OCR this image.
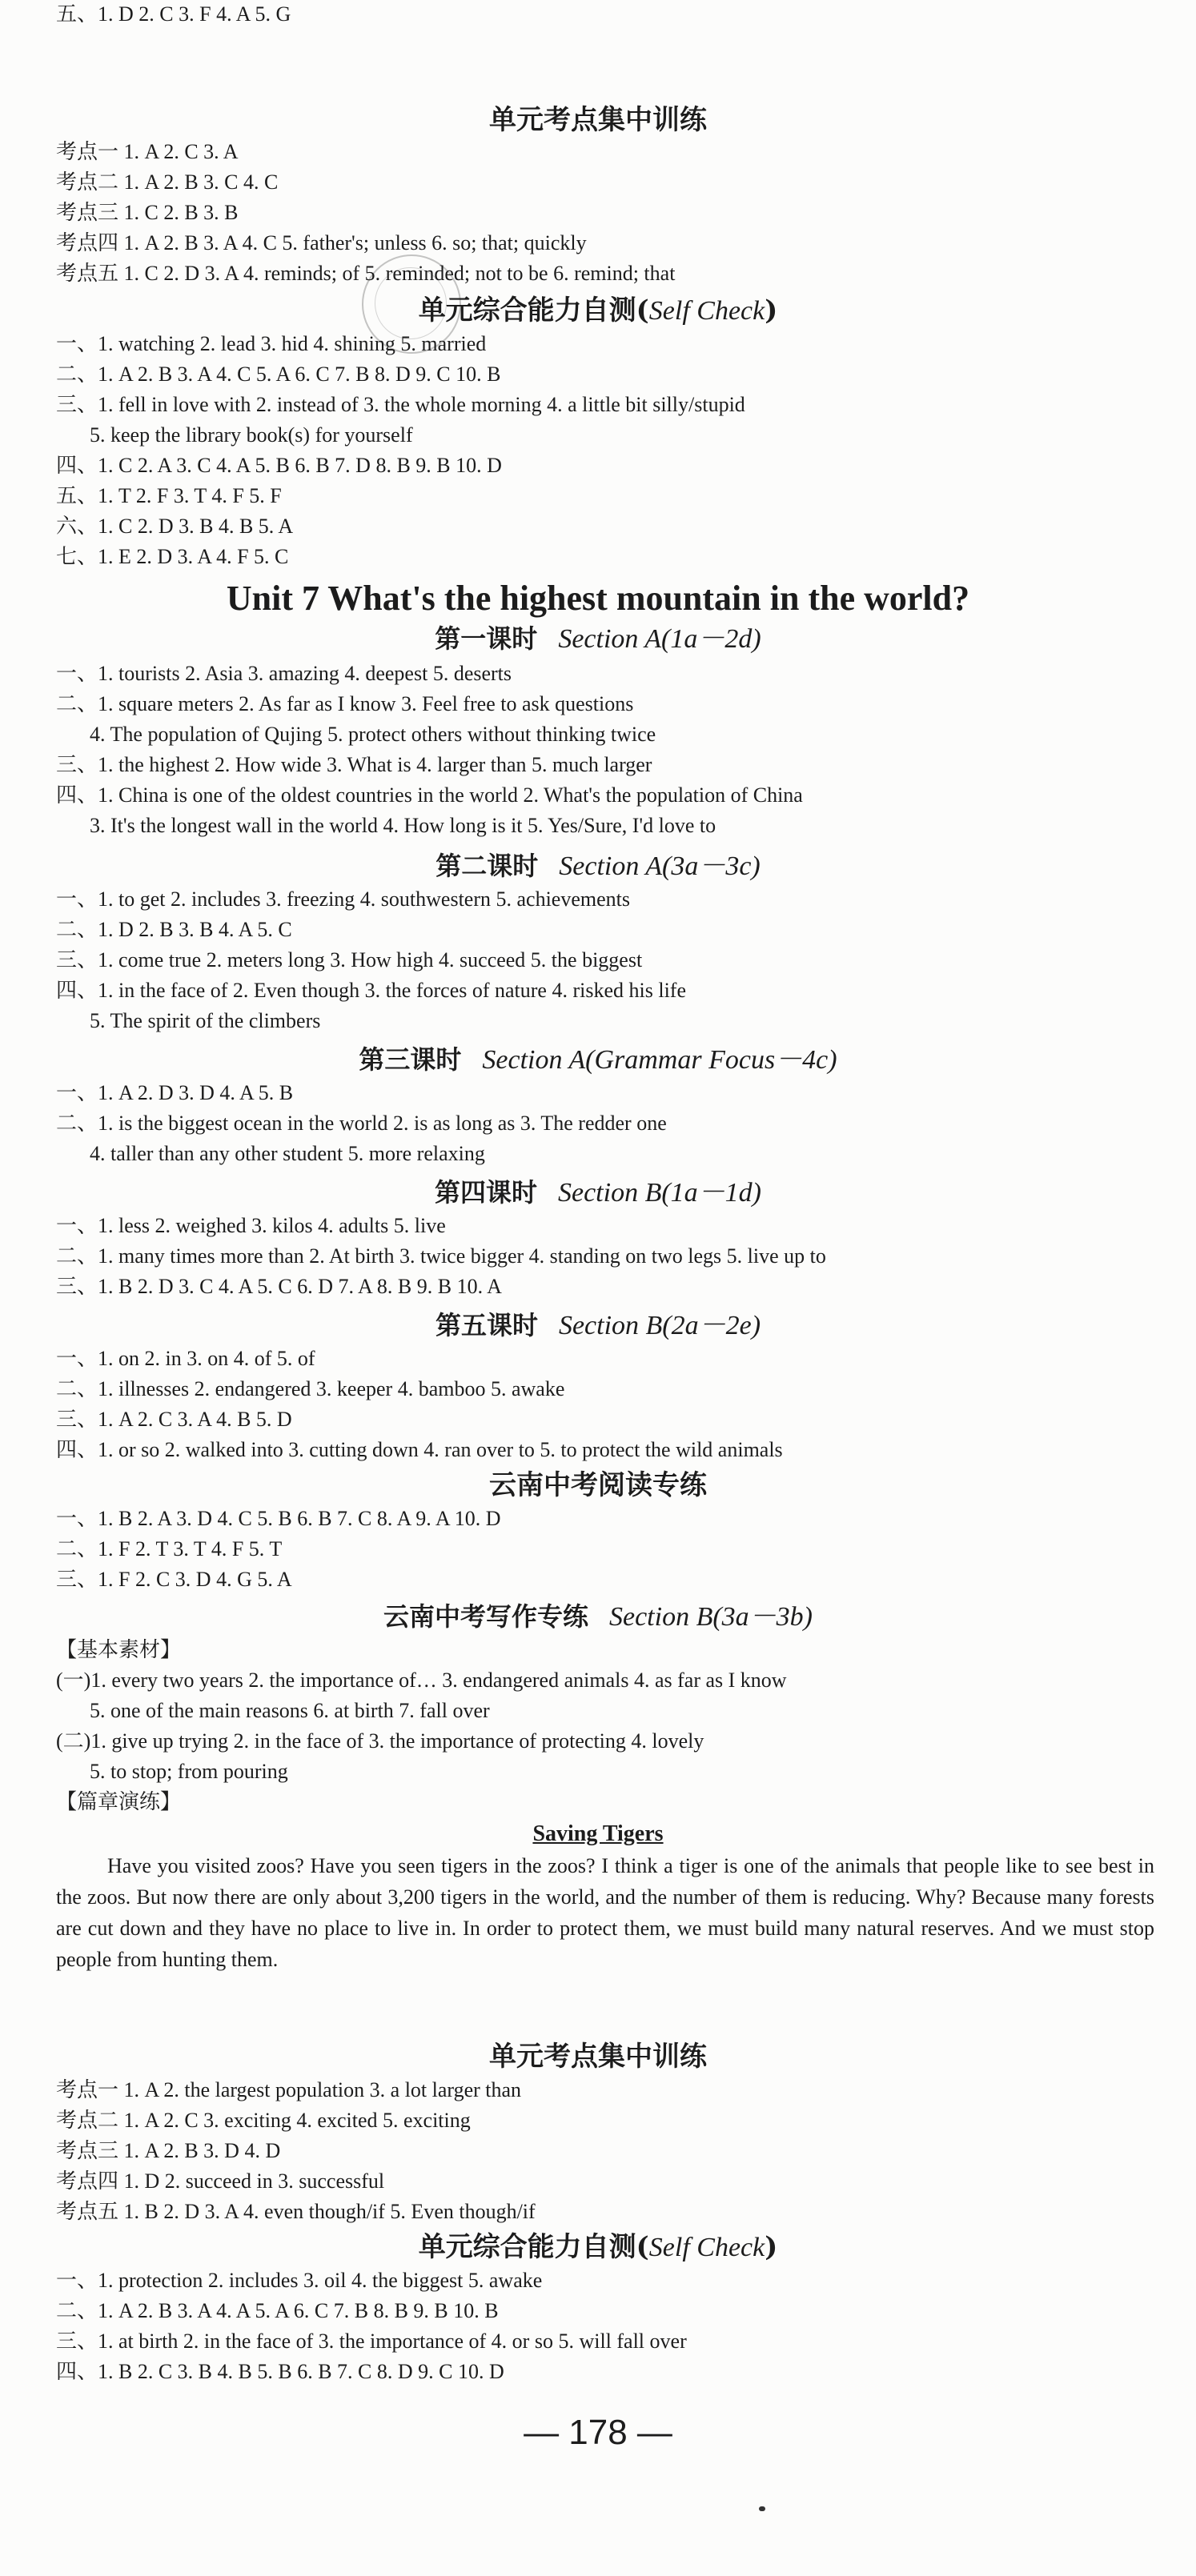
单元考点集中训练
考点一 1. A 2. C 3. A
考点二 1. A 2. B 3. C 4. C
考点三 1. C 2. B 3. B
考点四 1. A 2. B 3. A 4. C 5. father's; unless 6. so; that; quickly
考点五 1. C 2. D 3. A 4. reminds; of 5. reminded; not to be 6. remind; that
单元综合能力自测(Self Check)
一、1. watching 2. lead 3. hid 4. shining 5. married
二、1. A 2. B 3. A 4. C 5. A 6. C 7. B 8. D 9. C 10. B
三、1. fell in love with 2. instead of 3. the whole morning 4. a little bit silly/stupid
5. keep the library book(s) for yourself
四、1. C 2. A 3. C 4. A 5. B 6. B 7. D 8. B 9. B 10. D
五、1. T 2. F 3. T 4. F 5. F
六、1. C 2. D 3. B 4. B 5. A
七、1. E 2. D 3. A 4. F 5. C
Unit 7 What's the highest mountain in the world?
第一课时 Section A(1a－2d)
一、1. tourists 2. Asia 3. amazing 4. deepest 5. deserts
二、1. square meters 2. As far as I know 3. Feel free to ask questions
4. The population of Qujing 5. protect others without thinking twice
三、1. the highest 2. How wide 3. What is 4. larger than 5. much larger
四、1. China is one of the oldest countries in the world 2. What's the population of China
3. It's the longest wall in the world 4. How long is it 5. Yes/Sure, I'd love to
第二课时 Section A(3a－3c)
一、1. to get 2. includes 3. freezing 4. southwestern 5. achievements
二、1. D 2. B 3. B 4. A 5. C
三、1. come true 2. meters long 3. How high 4. succeed 5. the biggest
四、1. in the face of 2. Even though 3. the forces of nature 4. risked his life
5. The spirit of the climbers
第三课时 Section A(Grammar Focus－4c)
一、1. A 2. D 3. D 4. A 5. B
二、1. is the biggest ocean in the world 2. is as long as 3. The redder one
4. taller than any other student 5. more relaxing
第四课时 Section B(1a－1d)
一、1. less 2. weighed 3. kilos 4. adults 5. live
二、1. many times more than 2. At birth 3. twice bigger 4. standing on two legs 5. live up to
三、1. B 2. D 3. C 4. A 5. C 6. D 7. A 8. B 9. B 10. A
第五课时 Section B(2a－2e)
一、1. on 2. in 3. on 4. of 5. of
二、1. illnesses 2. endangered 3. keeper 4. bamboo 5. awake
三、1. A 2. C 3. A 4. B 5. D
四、1. or so 2. walked into 3. cutting down 4. ran over to 5. to protect the wild animals
云南中考阅读专练
一、1. B 2. A 3. D 4. C 5. B 6. B 7. C 8. A 9. A 10. D
二、1. F 2. T 3. T 4. F 5. T
三、1. F 2. C 3. D 4. G 5. A
云南中考写作专练 Section B(3a－3b)
【基本素材】
(一)1. every two years 2. the importance of… 3. endangered animals 4. as far as I know
5. one of the main reasons 6. at birth 7. fall over
(二)1. give up trying 2. in the face of 3. the importance of protecting 4. lovely
5. to stop; from pouring
【篇章演练】
Saving Tigers
Have you visited zoos? Have you seen tigers in the zoos? I think a tiger is one of the animals that people like to see best in the zoos. But now there are only about 3,200 tigers in the world, and the number of them is reducing. Why? Because many forests are cut down and they have no place to live in. In order to protect them, we must build many natural reserves. And we must stop people from hunting them.
单元考点集中训练
考点一 1. A 2. the largest population 3. a lot larger than
考点二 1. A 2. C 3. exciting 4. excited 5. exciting
考点三 1. A 2. B 3. D 4. D
考点四 1. D 2. succeed in 3. successful
考点五 1. B 2. D 3. A 4. even though/if 5. Even though/if
单元综合能力自测(Self Check)
一、1. protection 2. includes 3. oil 4. the biggest 5. awake
二、1. A 2. B 3. A 4. A 5. A 6. C 7. B 8. B 9. B 10. B
三、1. at birth 2. in the face of 3. the importance of 4. or so 5. will fall over
四、1. B 2. C 3. B 4. B 5. B 6. B 7. C 8. D 9. C 10. D
五、1. D 2. C 3. F 4. A 5. G
— 178 —
